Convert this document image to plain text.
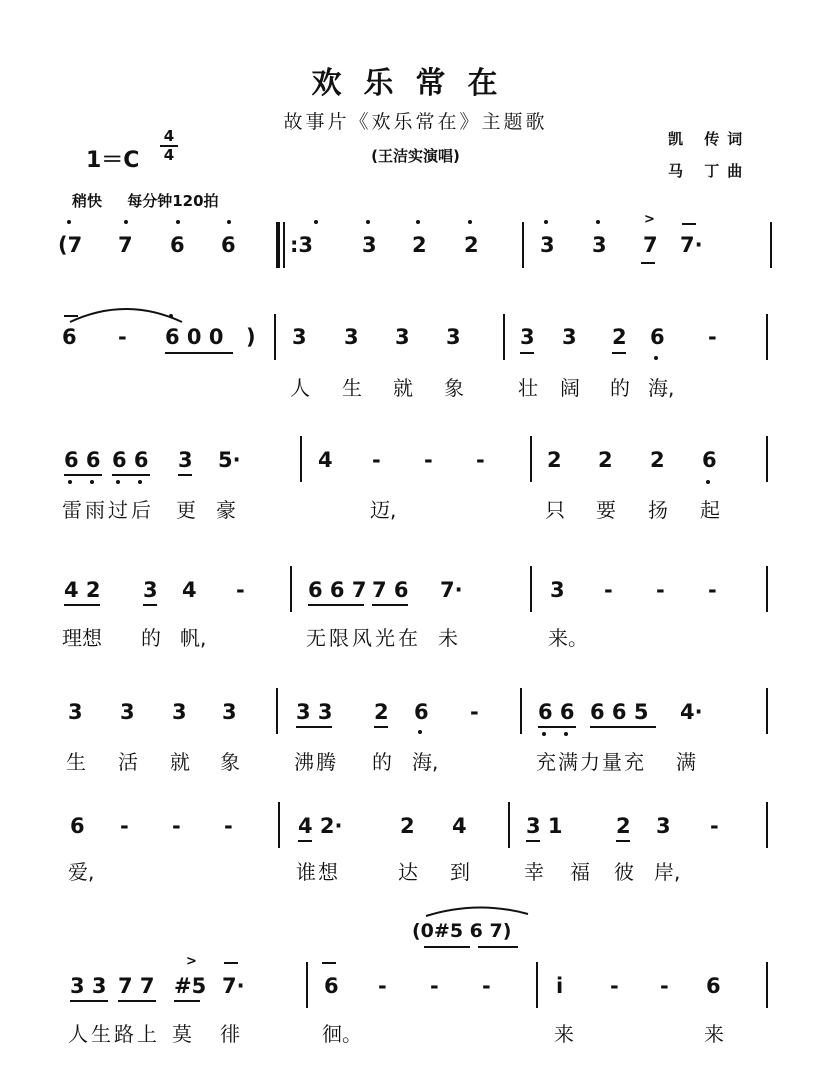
欢乐常在
故事片《欢乐常在》主题歌
(王洁实演唱)
凯 传词
马 丁曲
1＝C
4
4
稍快 每分钟120拍
(7 7 6 6	:3 3 2 2	3 3 7 7·
>
6 - 6 0 0 ) 3 3 3 3	3 3 2 6 -
人 生 就 象	壮 阔 的 海,
6 6 6 6 3 5·	4 - - -	2 2 2 6
雷雨过后 更 豪	迈,	只 要 扬 起
4 2 3 4 -	6 6 7 7 6 7·	3 - - -
理想 的 帆,	无限风光在 未	来。
3 3 3 3	3 3 2 6 -	6 6 6 6 5 4·
生 活 就 象	沸腾 的 海,	充满力量充 满
6 - - -	4 2·	2 4	3 1	2 3 -
爱,	谁想	达 到	幸 福 彼 岸,
(0#5 6 7)
3 3 7 7 #5 7·	6 - - -	i - - 6
>
人生路上 莫 徘	徊。	来	来
